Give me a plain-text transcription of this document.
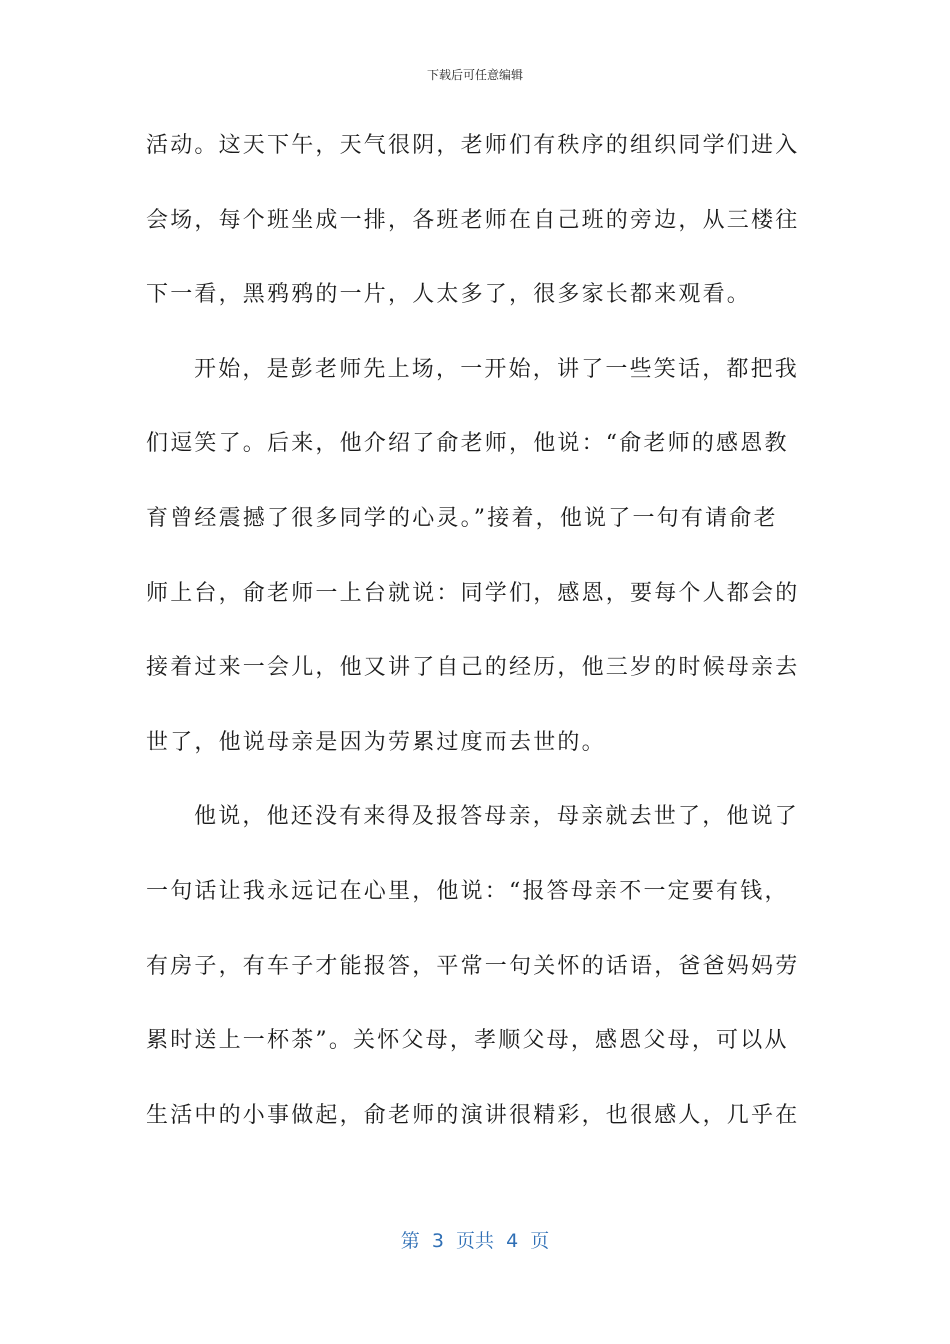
下载后可任意编辑
活动。这天下午，天气很阴，老师们有秩序的组织同学们进入
会场，每个班坐成一排，各班老师在自己班的旁边，从三楼往
下一看，黑鸦鸦的一片，人太多了，很多家长都来观看。
开始，是彭老师先上场，一开始，讲了一些笑话，都把我
们逗笑了。后来，他介绍了俞老师，他说：“俞老师的感恩教
育曾经震撼了很多同学的心灵。”接着，他说了一句有请俞老
师上台，俞老师一上台就说：同学们，感恩，要每个人都会的
接着过来一会儿，他又讲了自己的经历，他三岁的时候母亲去
世了，他说母亲是因为劳累过度而去世的。
他说，他还没有来得及报答母亲，母亲就去世了，他说了
一句话让我永远记在心里，他说：“报答母亲不一定要有钱，
有房子，有车子才能报答，平常一句关怀的话语，爸爸妈妈劳
累时送上一杯茶”。关怀父母，孝顺父母，感恩父母，可以从
生活中的小事做起，俞老师的演讲很精彩，也很感人，几乎在
第  3  页共  4  页
